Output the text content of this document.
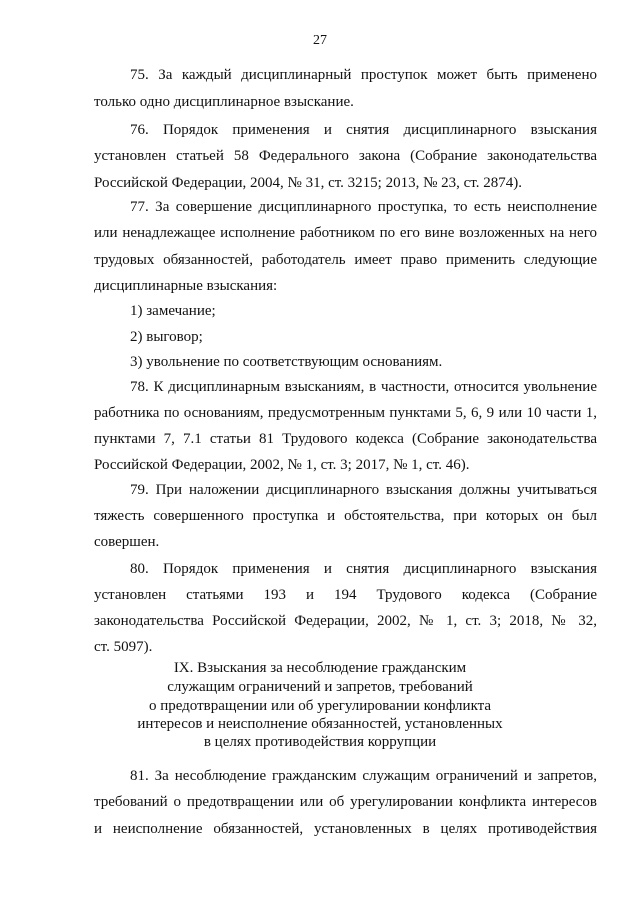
27
75. За каждый дисциплинарный проступок может быть применено
только одно дисциплинарное взыскание.
76. Порядок применения и снятия дисциплинарного взыскания
установлен статьей 58 Федерального закона (Собрание законодательства
Российской Федерации, 2004, № 31, ст. 3215; 2013, № 23, ст. 2874).
77. За совершение дисциплинарного проступка, то есть неисполнение
или ненадлежащее исполнение работником по его вине возложенных на него
трудовых обязанностей, работодатель имеет право применить следующие
дисциплинарные взыскания:
1) замечание;
2) выговор;
3) увольнение по соответствующим основаниям.
78. К дисциплинарным взысканиям, в частности, относится увольнение
работника по основаниям, предусмотренным пунктами 5, 6, 9 или 10 части 1,
пунктами 7, 7.1 статьи 81 Трудового кодекса (Собрание законодательства
Российской Федерации, 2002, № 1, ст. 3; 2017, № 1, ст. 46).
79. При наложении дисциплинарного взыскания должны учитываться
тяжесть совершенного проступка и обстоятельства, при которых он был
совершен.
80. Порядок применения и снятия дисциплинарного взыскания
установлен статьями 193 и 194 Трудового кодекса (Собрание
законодательства Российской Федерации, 2002, № 1, ст. 3; 2018, № 32,
ст. 5097).
IX. Взыскания за несоблюдение гражданским
служащим ограничений и запретов, требований
о предотвращении или об урегулировании конфликта
интересов и неисполнение обязанностей, установленных
в целях противодействия коррупции
81. За несоблюдение гражданским служащим ограничений и запретов,
требований о предотвращении или об урегулировании конфликта интересов
и неисполнение обязанностей, установленных в целях противодействия
